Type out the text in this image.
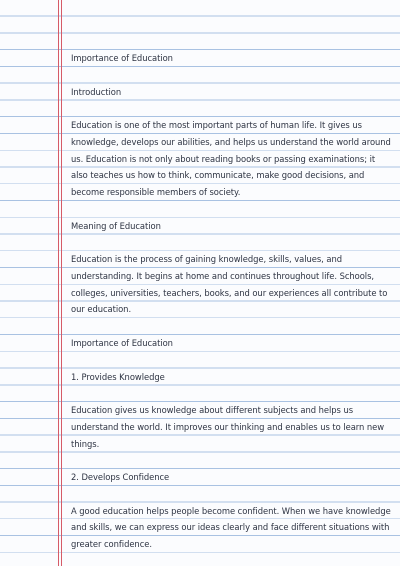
Importance of Education
Introduction
Education is one of the most important parts of human life. It gives us knowledge, develops our abilities, and helps us understand the world around us. Education is not only about reading books or passing examinations; it also teaches us how to think, communicate, make good decisions, and become responsible members of society.
Meaning of Education
Education is the process of gaining knowledge, skills, values, and understanding. It begins at home and continues throughout life. Schools, colleges, universities, teachers, books, and our experiences all contribute to our education.
Importance of Education
1. Provides Knowledge
Education gives us knowledge about different subjects and helps us understand the world. It improves our thinking and enables us to learn new things.
2. Develops Confidence
A good education helps people become confident. When we have knowledge and skills, we can express our ideas clearly and face different situations with greater confidence.
